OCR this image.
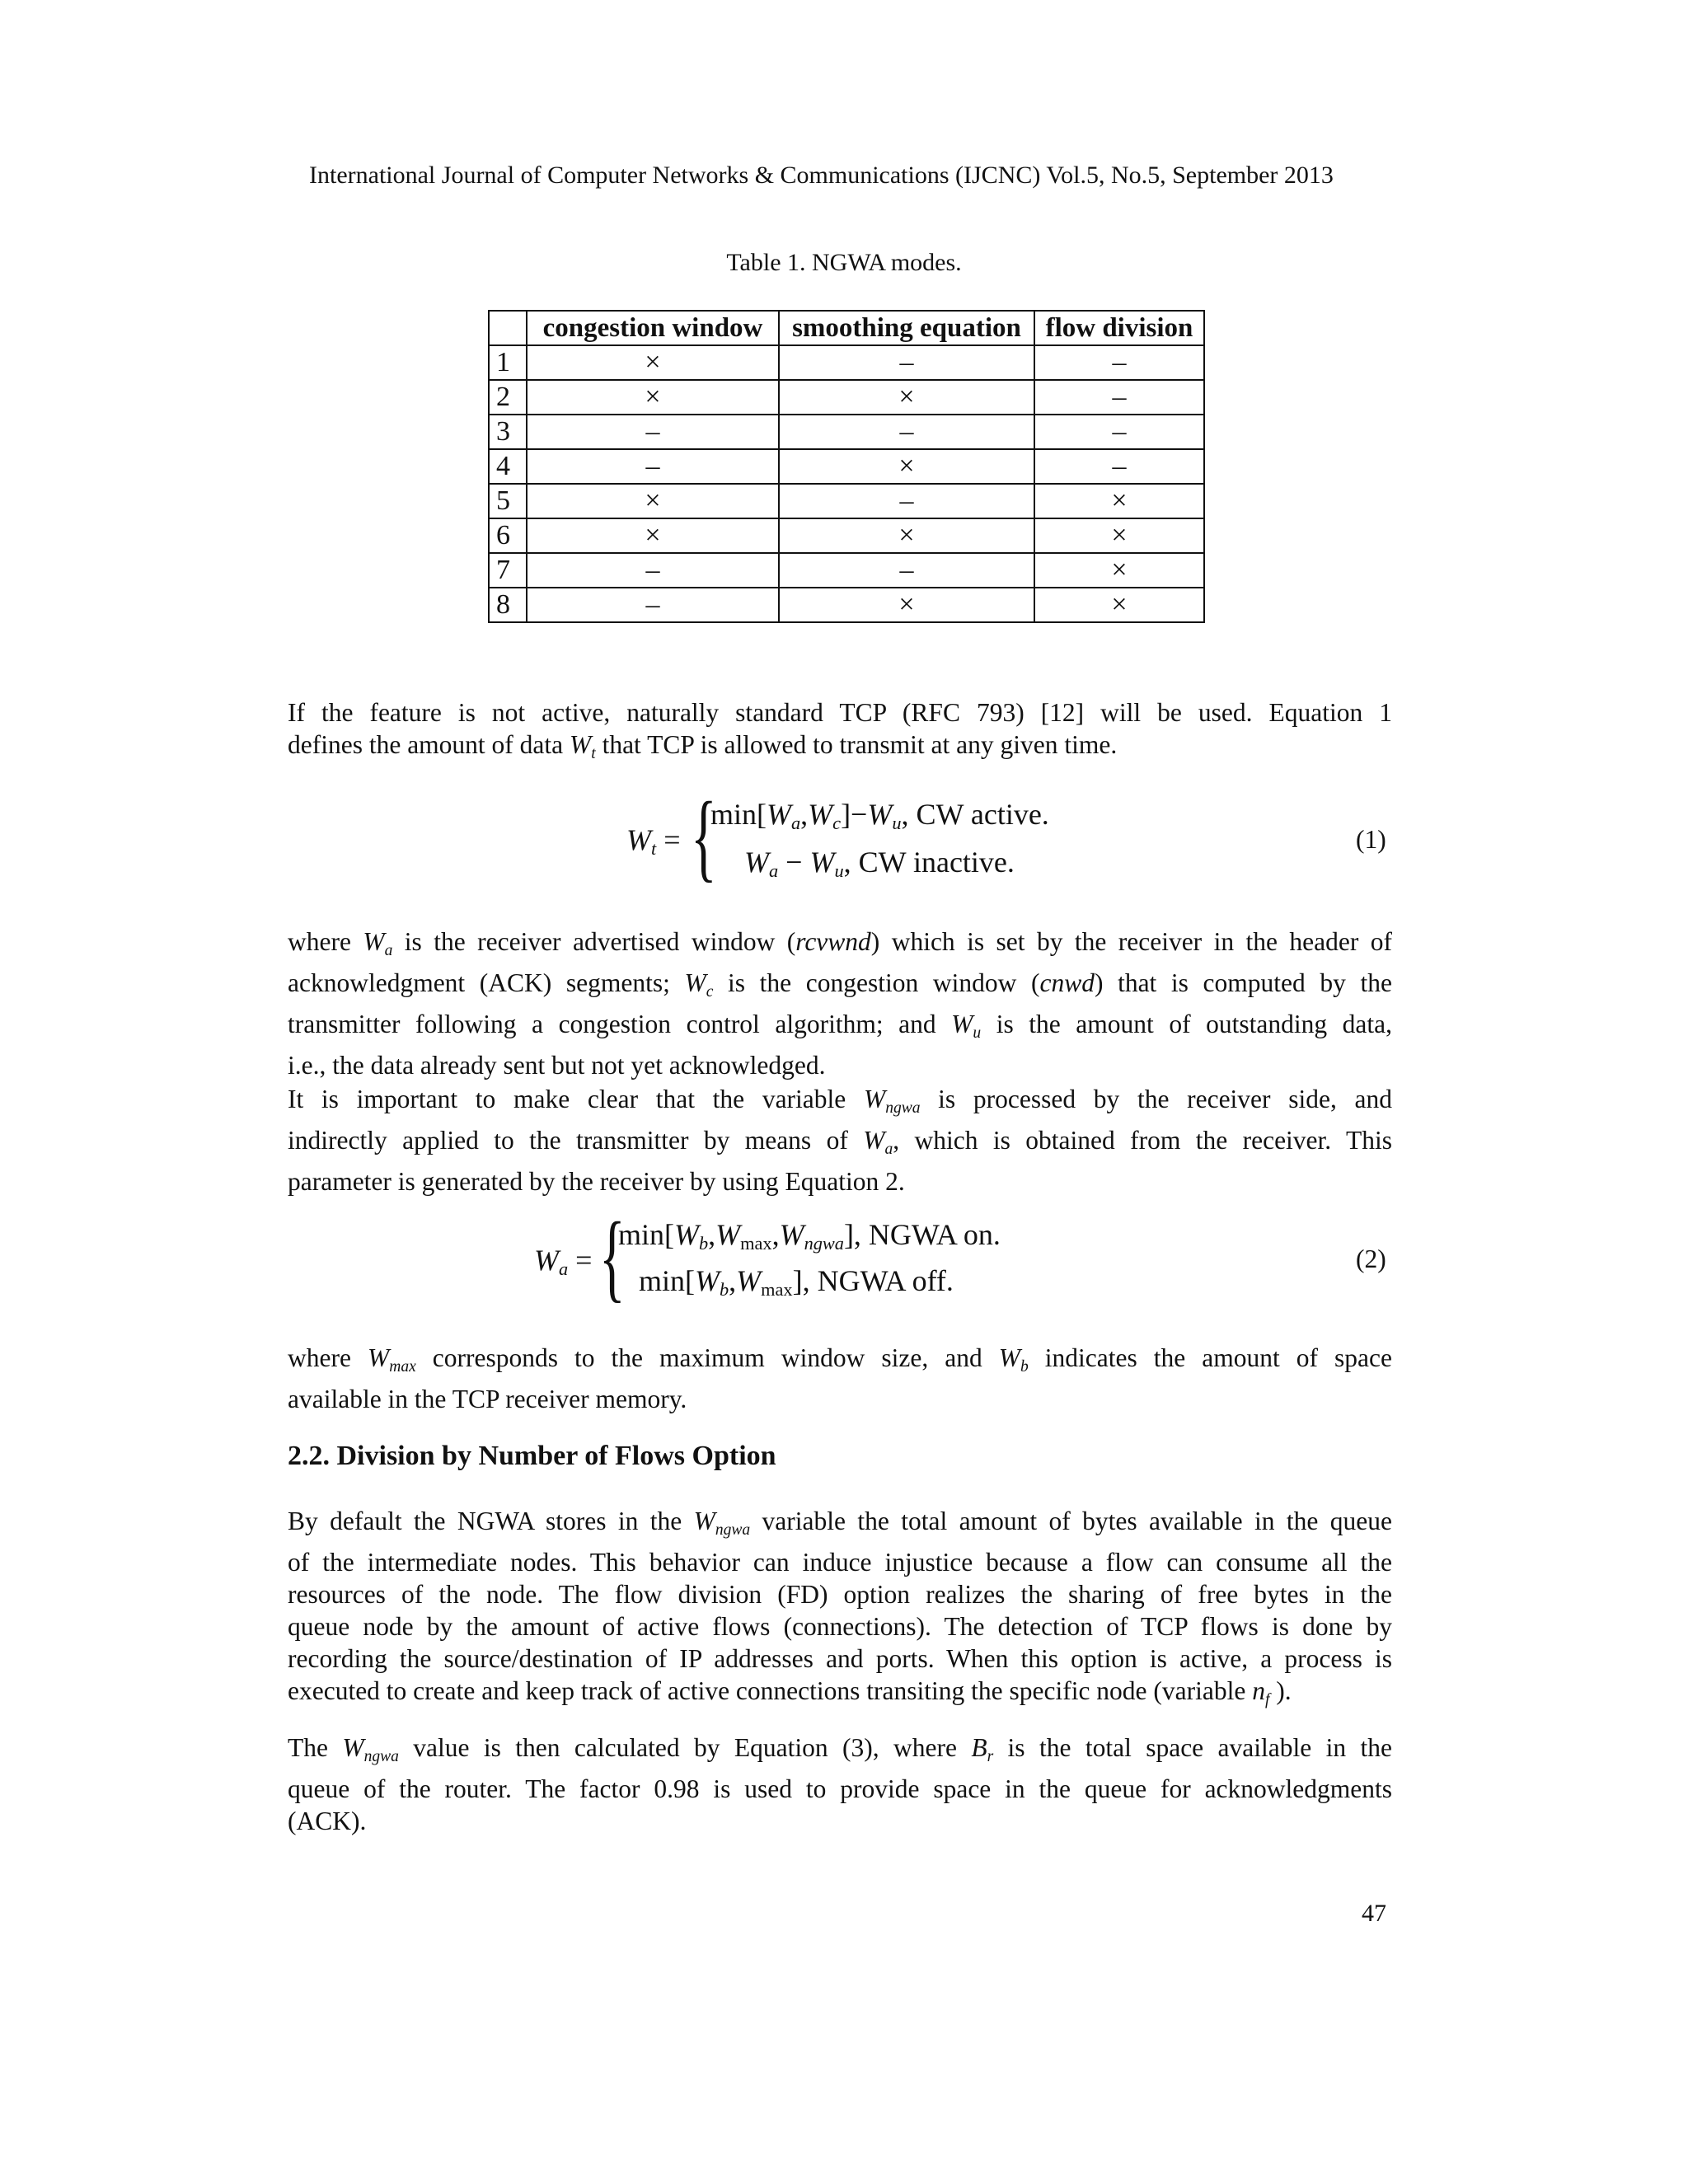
International Journal of Computer Networks & Communications (IJCNC) Vol.5, No.5, September 2013
Table 1. NGWA modes.
	congestion window	smoothing equation	flow division
1	×	–	–
2	×	×	–
3	–	–	–
4	–	×	–
5	×	–	×
6	×	×	×
7	–	–	×
8	–	×	×
If the feature is not active, naturally standard TCP (RFC 793) [12] will be used. Equation 1
defines the amount of data $W_t$ that TCP is allowed to transmit at any given time.
$W_t$ = {
$\min[W_a,W_c]-W_u$, CW active.
$W_a - W_u$, CW inactive.
(1)
where $W_a$ is the receiver advertised window (rcvwnd) which is set by the receiver in the header of
acknowledgment (ACK) segments; $W_c$ is the congestion window (cnwd) that is computed by the
transmitter following a congestion control algorithm; and $W_u$ is the amount of outstanding data,
i.e., the data already sent but not yet acknowledged.
It is important to make clear that the variable $W_{ngwa}$ is processed by the receiver side, and
indirectly applied to the transmitter by means of $W_a$, which is obtained from the receiver. This
parameter is generated by the receiver by using Equation 2.
$W_a$ = {
$\min[W_b,W_{max},W_{ngwa}]$, NGWA on.
$\min[W_b,W_{max}]$, NGWA off.
(2)
where $W_{max}$ corresponds to the maximum window size, and $W_b$ indicates the amount of space
available in the TCP receiver memory.
2.2. Division by Number of Flows Option
By default the NGWA stores in the $W_{ngwa}$ variable the total amount of bytes available in the queue
of the intermediate nodes. This behavior can induce injustice because a flow can consume all the
resources of the node. The flow division (FD) option realizes the sharing of free bytes in the
queue node by the amount of active flows (connections). The detection of TCP flows is done by
recording the source/destination of IP addresses and ports. When this option is active, a process is
executed to create and keep track of active connections transiting the specific node (variable $n_f$ ).
The $W_{ngwa}$ value is then calculated by Equation (3), where $B_r$ is the total space available in the
queue of the router. The factor 0.98 is used to provide space in the queue for acknowledgments
(ACK).
47
